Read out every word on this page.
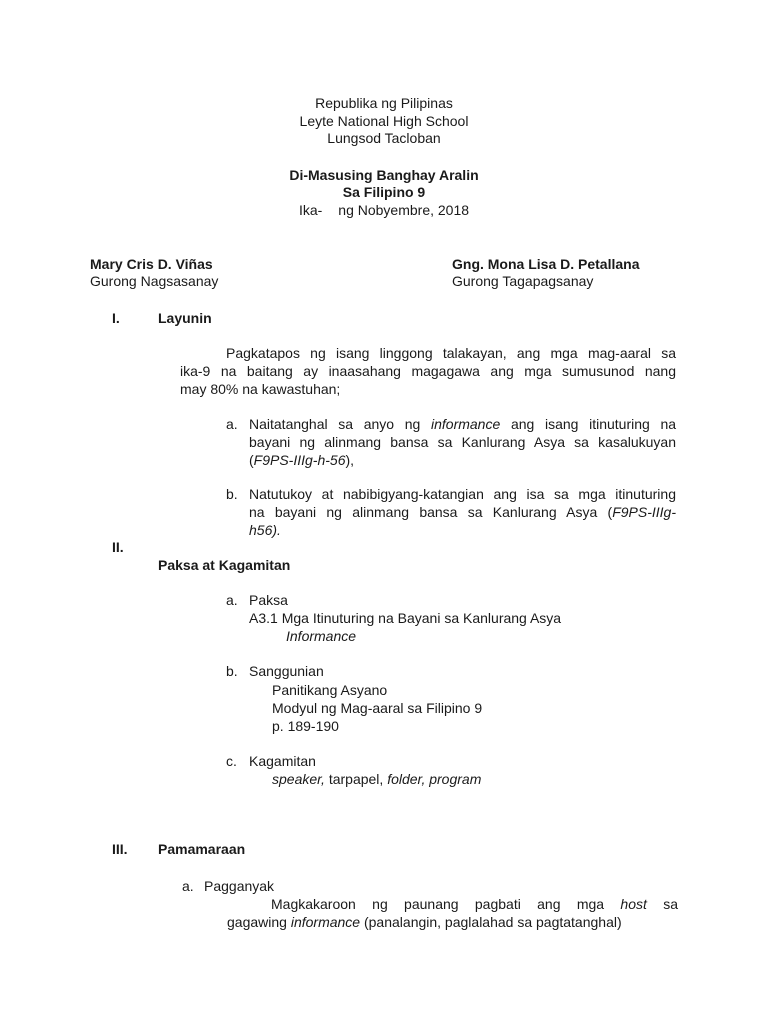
Republika ng Pilipinas
Leyte National High School
Lungsod Tacloban
Di-Masusing Banghay Aralin
Sa Filipino 9
Ika- ng Nobyembre, 2018
Mary Cris D. Viñas
Gurong Nagsasanay
Gng. Mona Lisa D. Petallana
Gurong Tagapagsanay
I.	Layunin
Pagkatapos ng isang linggong talakayan, ang mga mag-aaral sa
ika-9 na baitang ay inaasahang magagawa ang mga sumusunod nang
may 80% na kawastuhan;
a. Naitatanghal sa anyo ng informance ang isang itinuturing na
bayani ng alinmang bansa sa Kanlurang Asya sa kasalukuyan
(F9PS-IIIg-h-56),
b. Natutukoy at nabibigyang-katangian ang isa sa mga itinuturing
na bayani ng alinmang bansa sa Kanlurang Asya (F9PS-IIIg-
h56).
II.
Paksa at Kagamitan
a. Paksa
A3.1 Mga Itinuturing na Bayani sa Kanlurang Asya
Informance
b. Sanggunian
Panitikang Asyano
Modyul ng Mag-aaral sa Filipino 9
p. 189-190
c. Kagamitan
speaker, tarpapel, folder, program
III. Pamamaraan
a. Pagganyak
Magkakaroon ng paunang pagbati ang mga host sa
gagawing informance (panalangin, paglalahad sa pagtatanghal)
